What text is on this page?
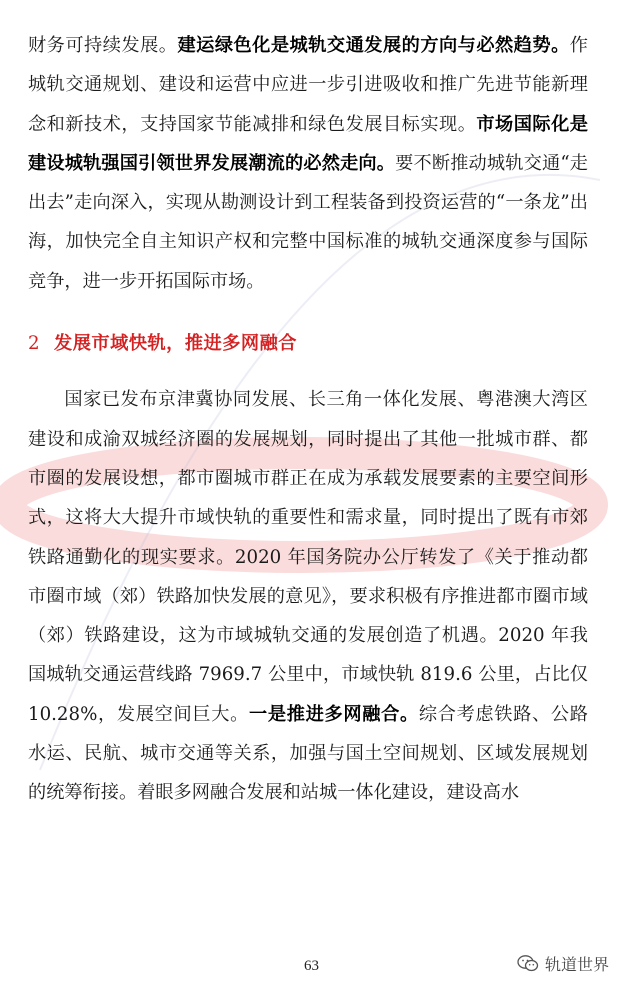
财务可持续发展。建运绿色化是城轨交通发展的方向与必然趋势。作城轨交通规划、建设和运营中应进一步引进吸收和推广先进节能新理念和新技术，支持国家节能减排和绿色发展目标实现。市场国际化是建设城轨强国引领世界发展潮流的必然走向。要不断推动城轨交通“走出去”走向深入，实现从勘测设计到工程装备到投资运营的“一条龙”出海，加快完全自主知识产权和完整中国标准的城轨交通深度参与国际竞争，进一步开拓国际市场。

2 发展市域快轨，推进多网融合

国家已发布京津冀协同发展、长三角一体化发展、粤港澳大湾区建设和成渝双城经济圈的发展规划，同时提出了其他一批城市群、都市圈的发展设想，都市圈城市群正在成为承载发展要素的主要空间形式，这将大大提升市域快轨的重要性和需求量，同时提出了既有市郊铁路通勤化的现实要求。2020 年国务院办公厅转发了《关于推动都市圈市域（郊）铁路加快发展的意见》，要求积极有序推进都市圈市域（郊）铁路建设，这为市域城轨交通的发展创造了机遇。2020 年我国城轨交通运营线路 7969.7 公里中，市域快轨 819.6 公里，占比仅 10.28%，发展空间巨大。一是推进多网融合。综合考虑铁路、公路水运、民航、城市交通等关系，加强与国土空间规划、区域发展规划的统筹衔接。着眼多网融合发展和站城一体化建设，建设高水

63	轨道世界
